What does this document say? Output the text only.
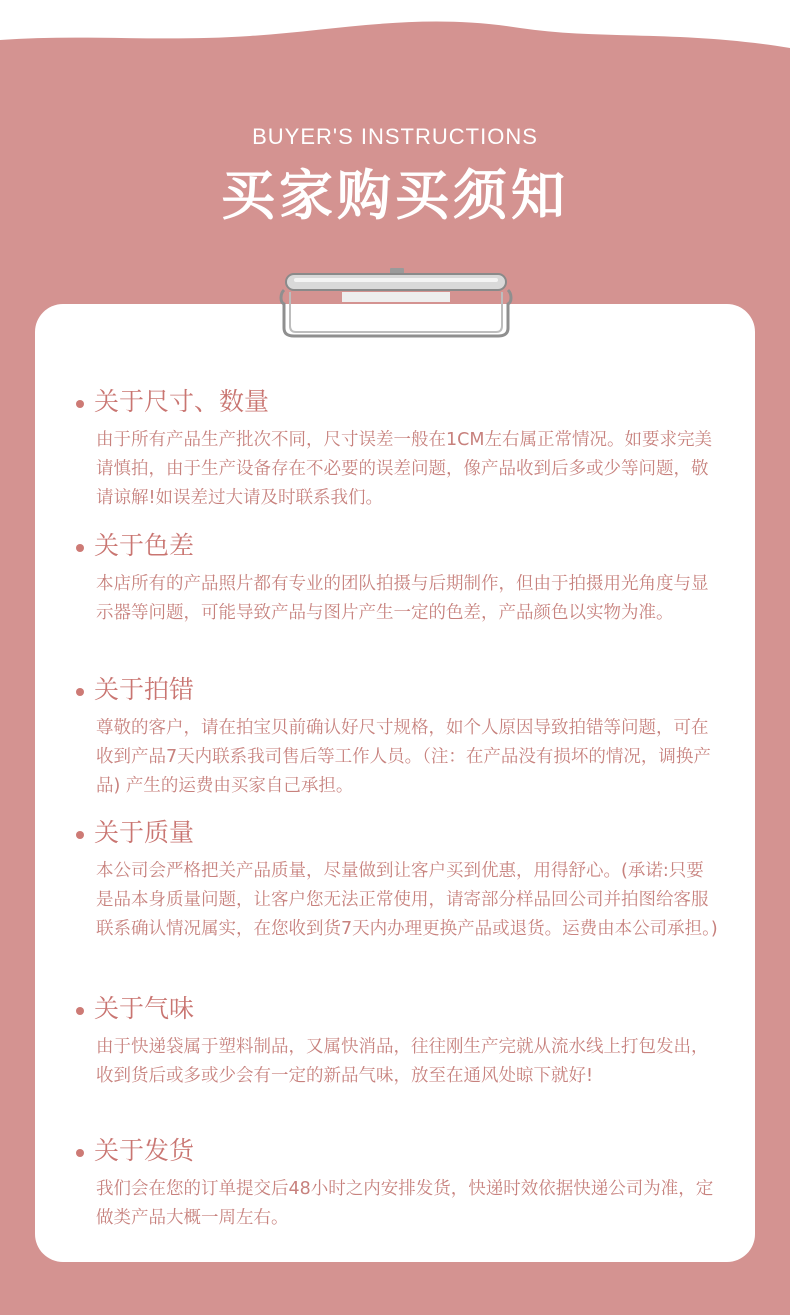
BUYER'S INSTRUCTIONS
买家购买须知
关于尺寸、数量
由于所有产品生产批次不同，尺寸误差一般在1CM左右属正常情况。如要求完美请慎拍，由于生产设备存在不必要的误差问题，像产品收到后多或少等问题，敬请谅解!如误差过大请及时联系我们。
关于色差
本店所有的产品照片都有专业的团队拍摄与后期制作，但由于拍摄用光角度与显示器等问题，可能导致产品与图片产生一定的色差，产品颜色以实物为准。
关于拍错
尊敬的客户，请在拍宝贝前确认好尺寸规格，如个人原因导致拍错等问题，可在收到产品7天内联系我司售后等工作人员。（注：在产品没有损坏的情况，调换产品) 产生的运费由买家自己承担。
关于质量
本公司会严格把关产品质量，尽量做到让客户买到优惠，用得舒心。(承诺:只要是品本身质量问题，让客户您无法正常使用，请寄部分样品回公司并拍图给客服联系确认情况属实，在您收到货7天内办理更换产品或退货。运费由本公司承担。)
关于气味
由于快递袋属于塑料制品，又属快消品，往往刚生产完就从流水线上打包发出，收到货后或多或少会有一定的新品气味，放至在通风处晾下就好!
关于发货
我们会在您的订单提交后48小时之内安排发货，快递时效依据快递公司为准，定做类产品大概一周左右。
